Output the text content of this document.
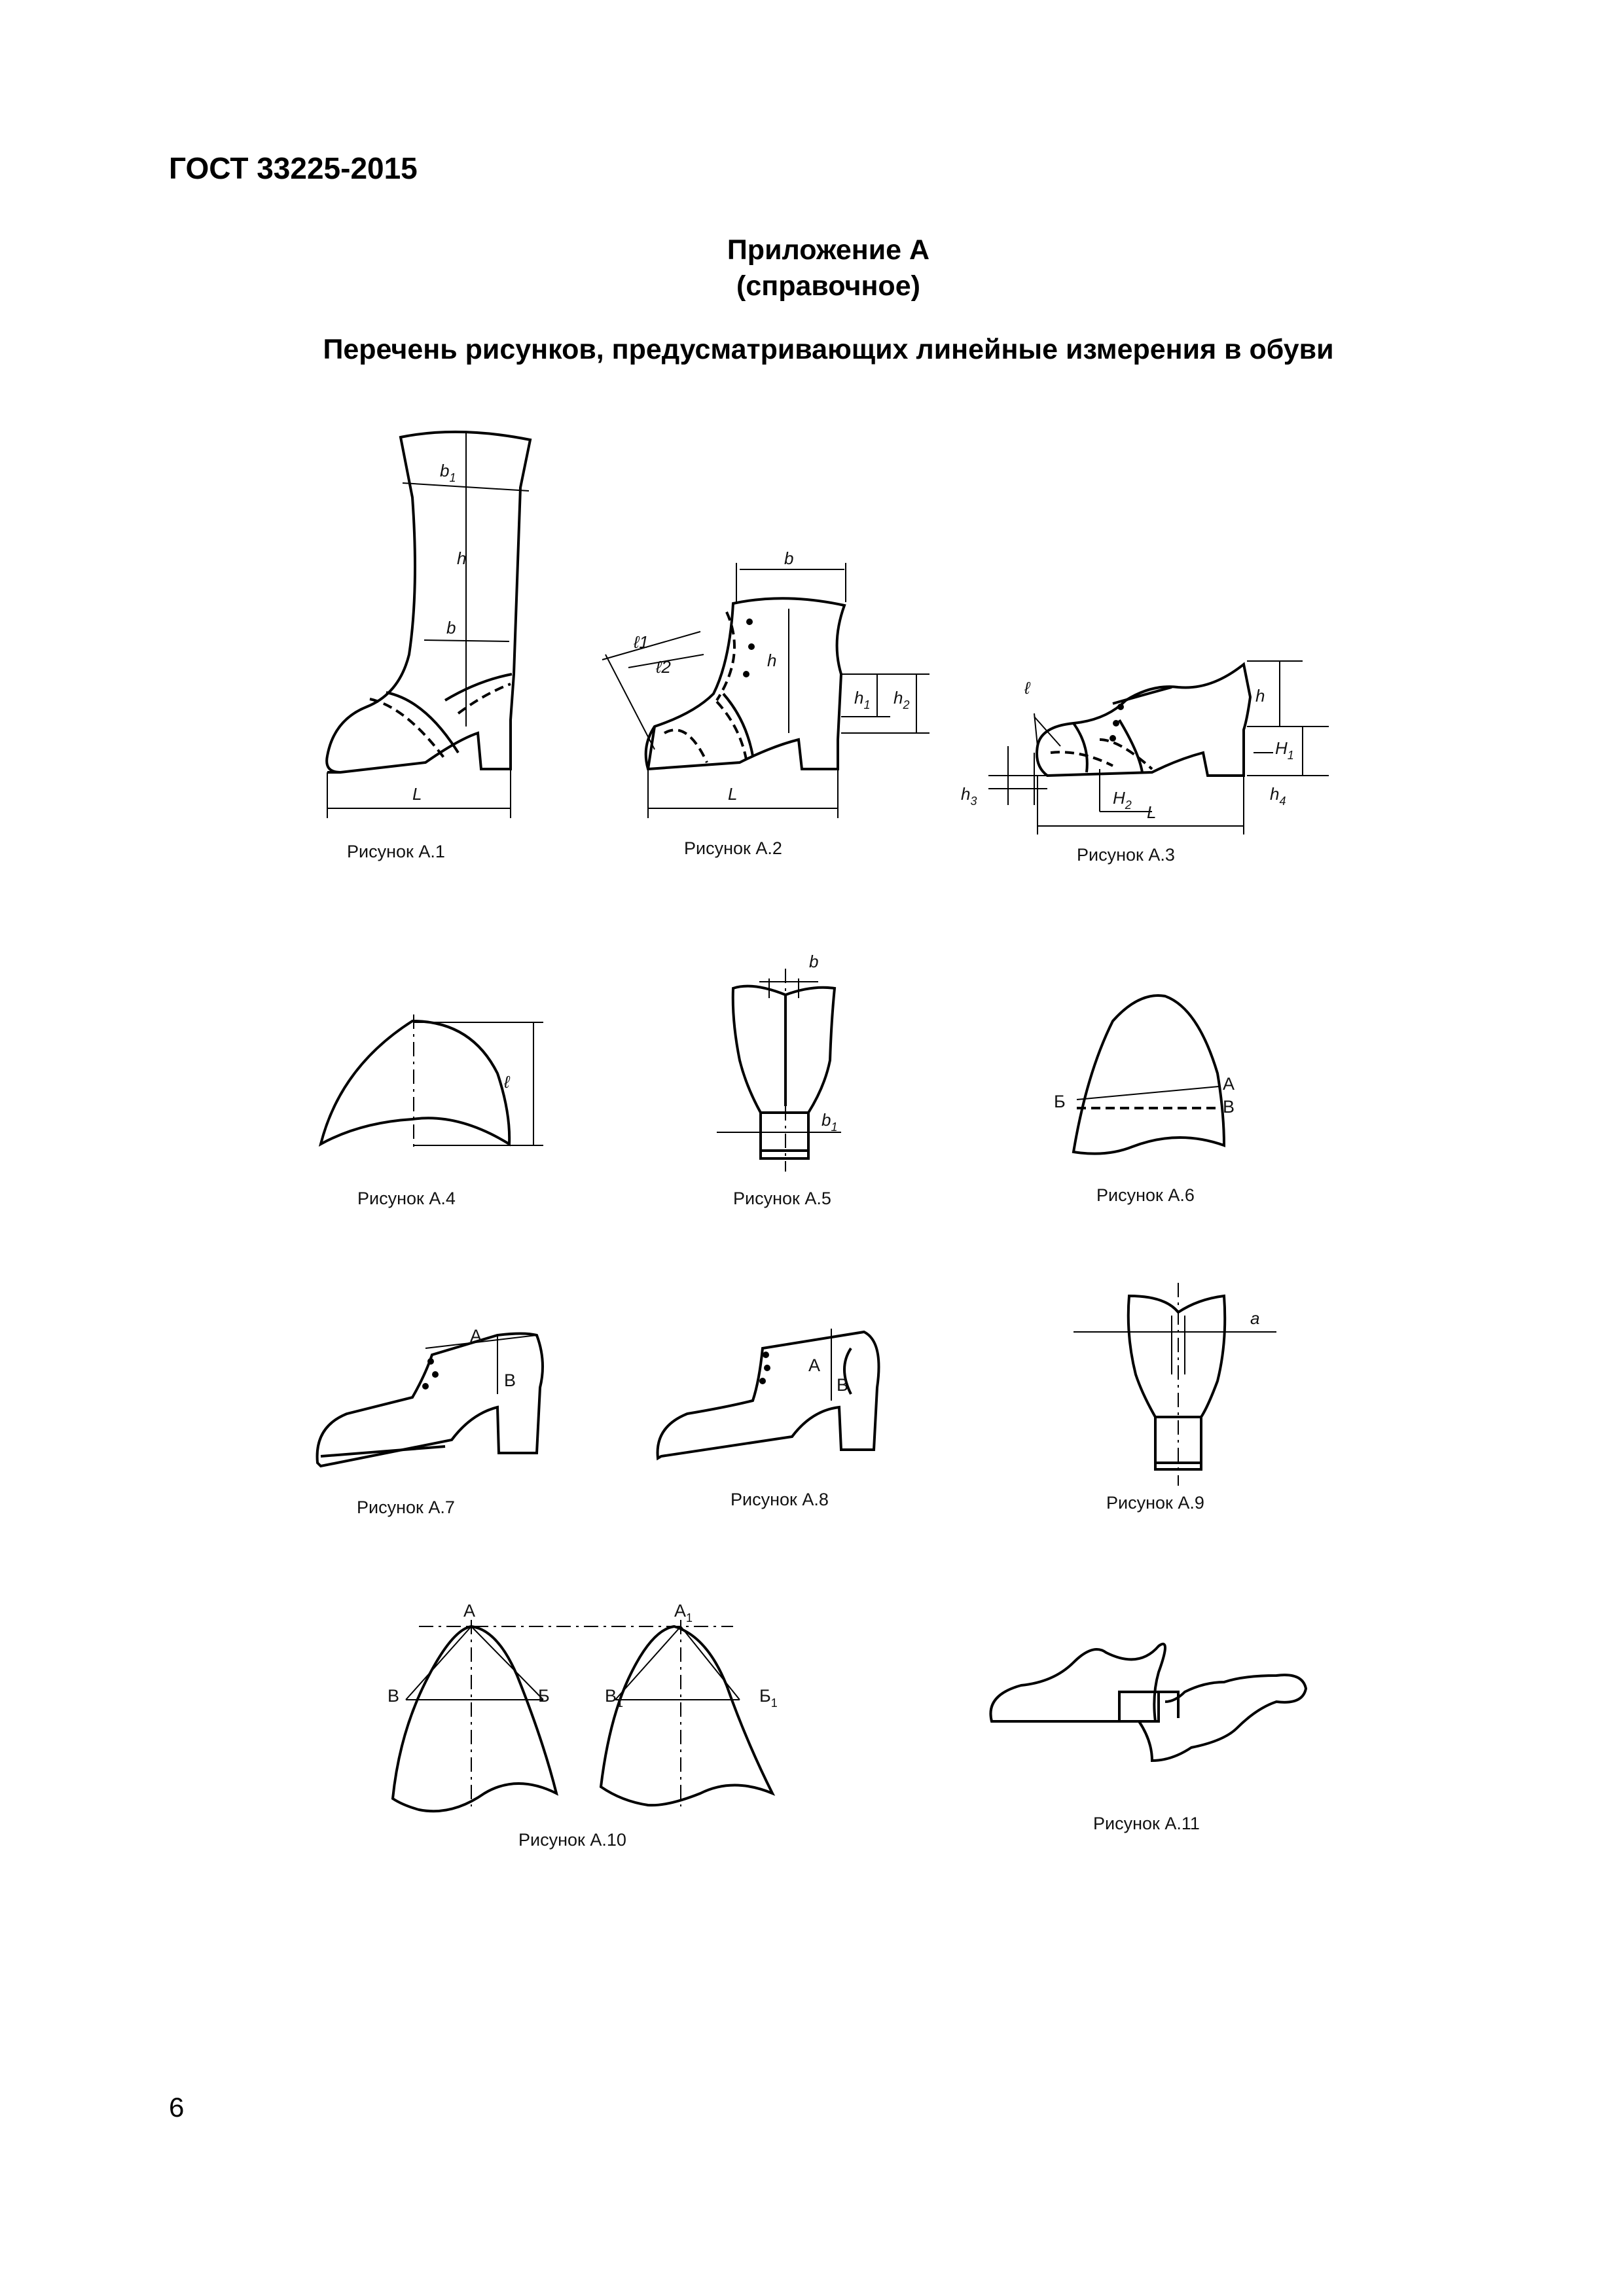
ГОСТ 33225-2015
Приложение А
(справочное)
Перечень рисунков, предусматривающих линейные измерения в обуви
6
$b_1$
h
b
L
Рисунок А.1
b
ℓ1
ℓ2	h
$h_1$ $h_2$
L
Рисунок А.2
ℓ	h
$H_1$
$h_3$	$h_4$
$H_2$ L
Рисунок А.3
ℓ
Рисунок А.4
b
$b_1$
Рисунок А.5
Б
А
В
Рисунок А.6
А
В
Рисунок А.7
А
В
Рисунок А.8
a
Рисунок А.9
А	$А_1$
В	Б	$В_1$	$Б_1$
Рисунок А.10
Рисунок А.11
